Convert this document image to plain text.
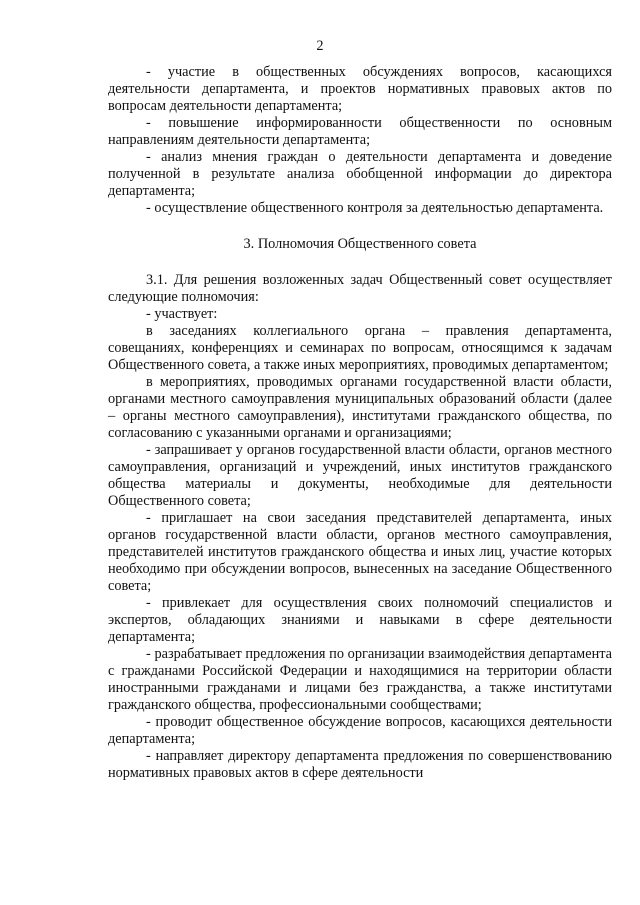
2

- участие в общественных обсуждениях вопросов, касающихся деятельности департамента, и проектов нормативных правовых актов по вопросам деятельности департамента;

- повышение информированности общественности по основным направлениям деятельности департамента;

- анализ мнения граждан о деятельности департамента и доведение полученной в результате анализа обобщенной информации до директора департамента;

- осуществление общественного контроля за деятельностью департамента.

3. Полномочия Общественного совета

3.1. Для решения возложенных задач Общественный совет осуществляет следующие полномочия:

- участвует:

в заседаниях коллегиального органа – правления департамента, совещаниях, конференциях и семинарах по вопросам, относящимся к задачам Общественного совета, а также иных мероприятиях, проводимых департаментом;

в мероприятиях, проводимых органами государственной власти области, органами местного самоуправления муниципальных образований области (далее – органы местного самоуправления), институтами гражданского общества, по согласованию с указанными органами и организациями;

- запрашивает у органов государственной власти области, органов местного самоуправления, организаций и учреждений, иных институтов гражданского общества материалы и документы, необходимые для деятельности Общественного совета;

- приглашает на свои заседания представителей департамента, иных органов государственной власти области, органов местного самоуправления, представителей институтов гражданского общества и иных лиц, участие которых необходимо при обсуждении вопросов, вынесенных на заседание Общественного совета;

- привлекает для осуществления своих полномочий специалистов и экспертов, обладающих знаниями и навыками в сфере деятельности департамента;

- разрабатывает предложения по организации взаимодействия департамента с гражданами Российской Федерации и находящимися на территории области иностранными гражданами и лицами без гражданства, а также институтами гражданского общества, профессиональными сообществами;

- проводит общественное обсуждение вопросов, касающихся деятельности департамента;

- направляет директору департамента предложения по совершенствованию нормативных правовых актов в сфере деятельности
